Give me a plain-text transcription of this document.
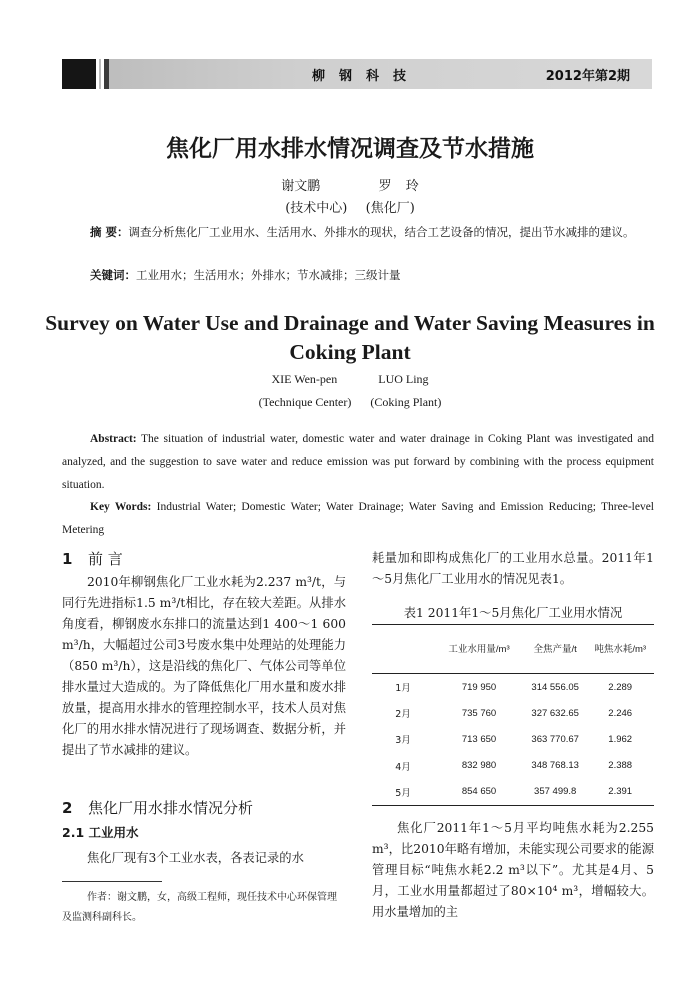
柳钢科技	2012年第2期
焦化厂用水排水情况调查及节水措施
谢文鹏	罗 玲
(技术中心) (焦化厂)
摘 要：调查分析焦化厂工业用水、生活用水、外排水的现状，结合工艺设备的情况，提出节水减排的建议。
关键词：工业用水；生活用水；外排水；节水减排；三级计量
Survey on Water Use and Drainage and Water Saving Measures in Coking Plant
XIE Wen-pen	LUO Ling
(Technique Center) (Coking Plant)
Abstract: The situation of industrial water, domestic water and water drainage in Coking Plant was investigated and analyzed, and the suggestion to save water and reduce emission was put forward by combining with the process equipment situation.
Key Words: Industrial Water; Domestic Water; Water Drainage; Water Saving and Emission Reducing; Three-level Metering
1 前 言

2010年柳钢焦化厂工业水耗为2.237 m³/t，与同行先进指标1.5 m³/t相比，存在较大差距。从排水角度看，柳钢废水东排口的流量达到1 400～1 600 m³/h，大幅超过公司3号废水集中处理站的处理能力（850 m³/h），这是沿线的焦化厂、气体公司等单位排水量过大造成的。为了降低焦化厂用水量和废水排放量，提高用水排水的管理控制水平，技术人员对焦化厂的用水排水情况进行了现场调查、数据分析，并提出了节水减排的建议。

2 焦化厂用水排水情况分析
2.1 工业用水

焦化厂现有3个工业水表，各表记录的水

耗量加和即构成焦化厂的工业用水总量。2011年1～5月焦化厂工业用水的情况见表1。

表1 2011年1～5月焦化厂工业用水情况
	工业水用量/m³	全焦产量/t	吨焦水耗/m³
1月	719 950	314 556.05	2.289
2月	735 760	327 632.65	2.246
3月	713 650	363 770.67	1.962
4月	832 980	348 768.13	2.388
5月	854 650	357 499.8	2.391

焦化厂2011年1～5月平均吨焦水耗为2.255 m³，比2010年略有增加，未能实现公司要求的能源管理目标“吨焦水耗2.2 m³以下”。尤其是4月、5月，工业水用量都超过了80×10⁴ m³，增幅较大。用水量增加的主

作者：谢文鹏，女，高级工程师，现任技术中心环保管理及监测科副科长。
